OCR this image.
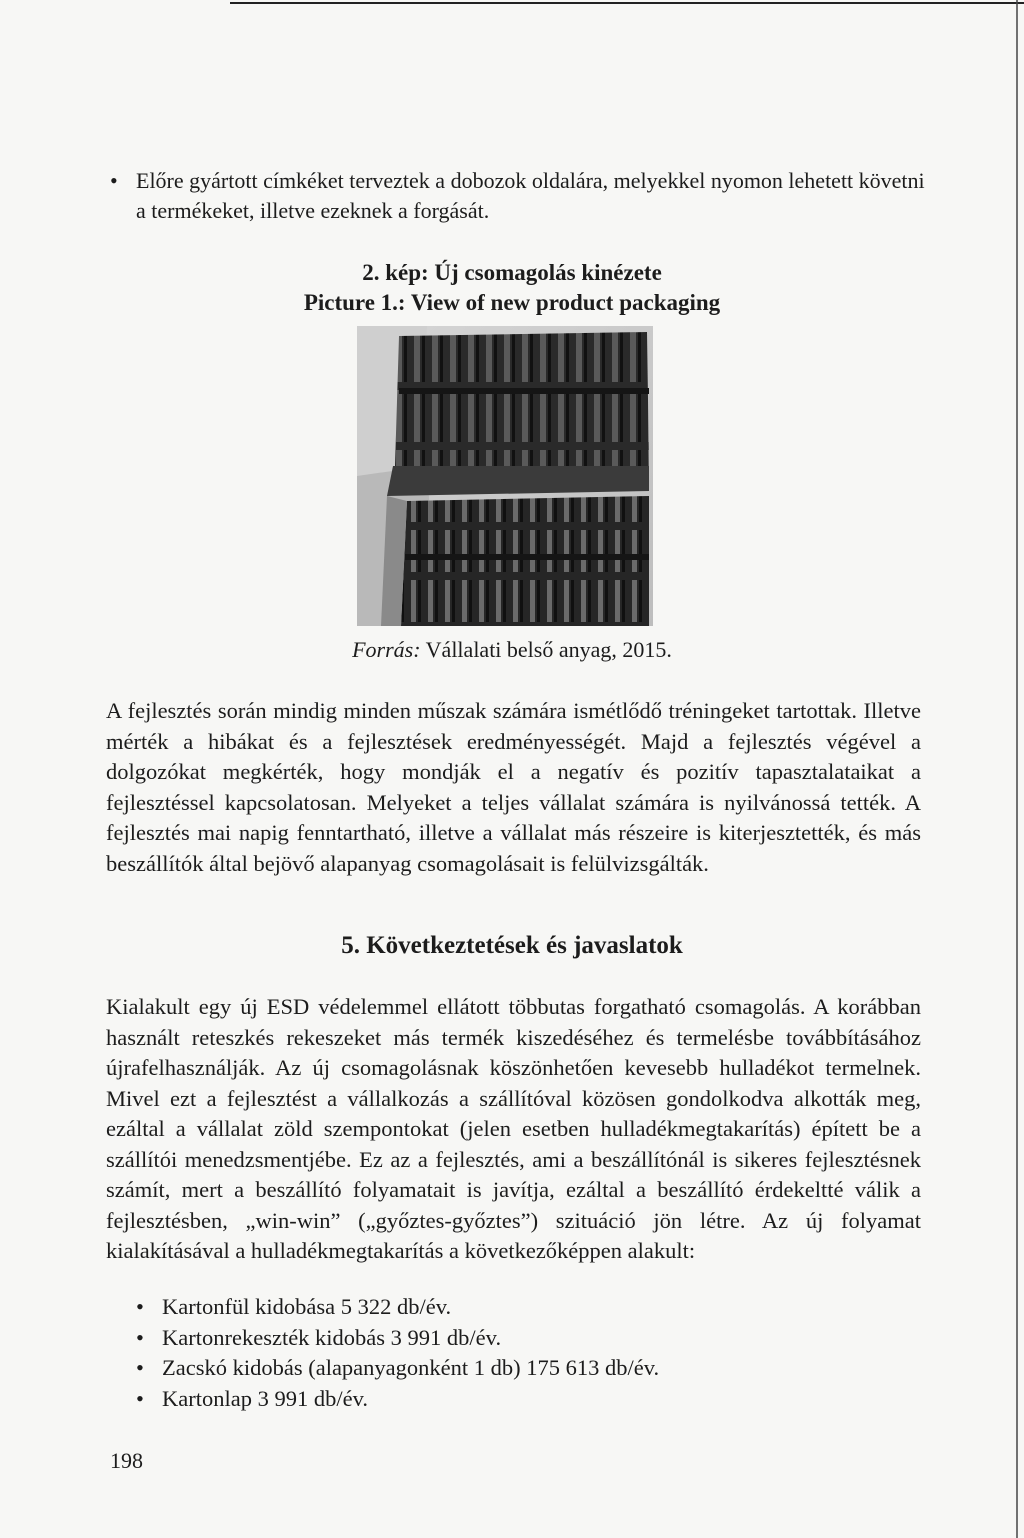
• Előre gyártott címkéket terveztek a dobozok oldalára, melyekkel nyomon lehetett követni a termékeket, illetve ezeknek a forgását.

2. kép: Új csomagolás kinézete
Picture 1.: View of new product packaging
Forrás: Vállalati belső anyag, 2015.

A fejlesztés során mindig minden műszak számára ismétlődő tréningeket tartottak. Illetve mérték a hibákat és a fejlesztések eredményességét. Majd a fejlesztés végével a dolgozókat megkérték, hogy mondják el a negatív és pozitív tapasztalataikat a fejlesztéssel kapcsolatosan. Melyeket a teljes vállalat számára is nyilvánossá tették. A fejlesztés mai napig fenntartható, illetve a vállalat más részeire is kiterjesztették, és más beszállítók által bejövő alapanyag csomagolásait is felülvizsgálták.

5. Következtetések és javaslatok

Kialakult egy új ESD védelemmel ellátott többutas forgatható csomagolás. A korábban használt reteszkés rekeszeket más termék kiszedéséhez és termelésbe továbbításához újrafelhasználják. Az új csomagolásnak köszönhetően kevesebb hulladékot termelnek. Mivel ezt a fejlesztést a vállalkozás a szállítóval közösen gondolkodva alkották meg, ezáltal a vállalat zöld szempontokat (jelen esetben hulladékmegtakarítás) épített be a szállítói menedzsmentjébe. Ez az a fejlesztés, ami a beszállítónál is sikeres fejlesztésnek számít, mert a beszállító folyamatait is javítja, ezáltal a beszállító érdekeltté válik a fejlesztésben, „win-win” („győztes-győztes”) szituáció jön létre. Az új folyamat kialakításával a hulladékmegtakarítás a következőképpen alakult:

• Kartonfül kidobása 5 322 db/év.

• Kartonrekeszték kidobás 3 991 db/év.

• Zacskó kidobás (alapanyagonként 1 db) 175 613 db/év.

• Kartonlap 3 991 db/év.

198
